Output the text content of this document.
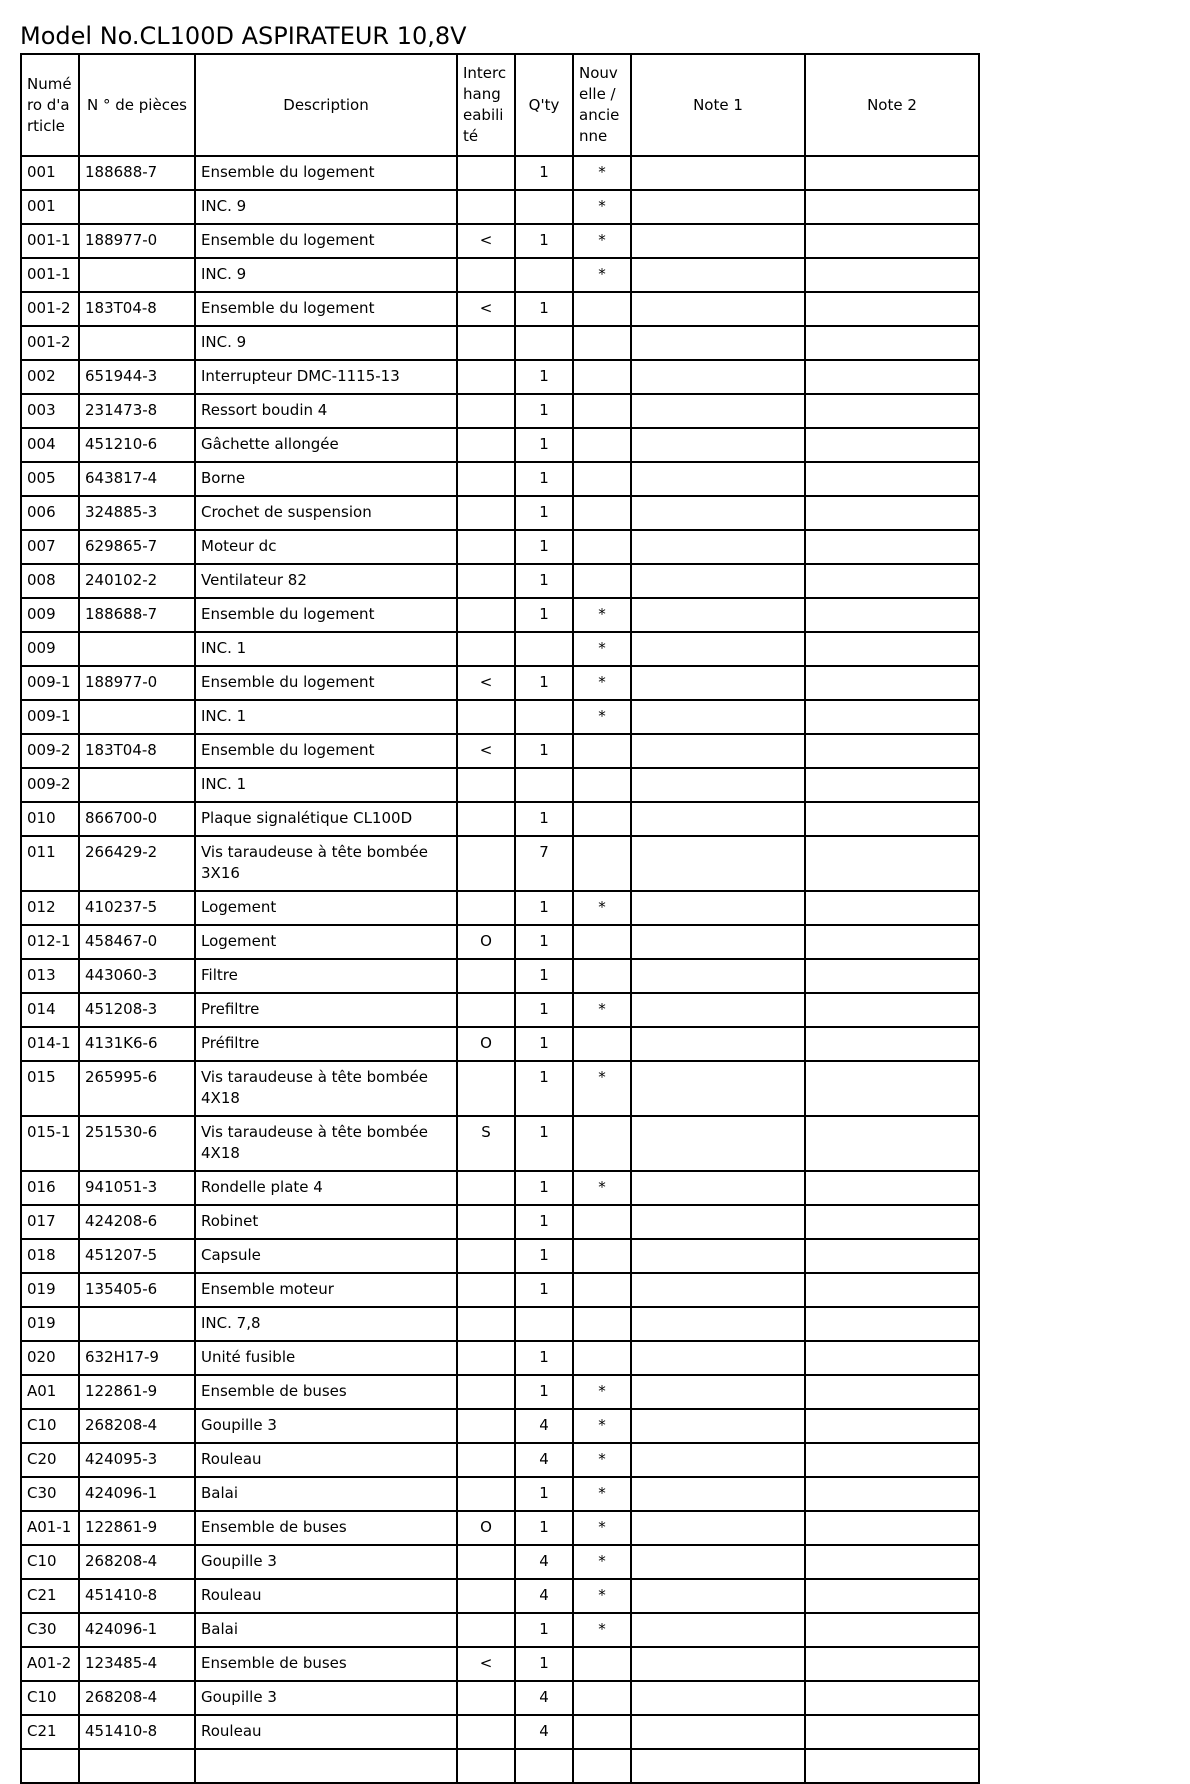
Model No.CL100D ASPIRATEUR 10,8V
Numéro d'article	N ° de pièces	Description	Interchangeabilité	Q'ty	Nouvelle / ancienne	Note 1	Note 2
001	188688-7	Ensemble du logement		1	*		
001		INC. 9			*		
001-1	188977-0	Ensemble du logement	<	1	*		
001-1		INC. 9			*		
001-2	183T04-8	Ensemble du logement	<	1			
001-2		INC. 9					
002	651944-3	Interrupteur DMC-1115-13		1			
003	231473-8	Ressort boudin 4		1			
004	451210-6	Gâchette allongée		1			
005	643817-4	Borne		1			
006	324885-3	Crochet de suspension		1			
007	629865-7	Moteur dc		1			
008	240102-2	Ventilateur 82		1			
009	188688-7	Ensemble du logement		1	*		
009		INC. 1			*		
009-1	188977-0	Ensemble du logement	<	1	*		
009-1		INC. 1			*		
009-2	183T04-8	Ensemble du logement	<	1			
009-2		INC. 1					
010	866700-0	Plaque signalétique CL100D		1			
011	266429-2	Vis taraudeuse à tête bombée 3X16		7			
012	410237-5	Logement		1	*		
012-1	458467-0	Logement	O	1			
013	443060-3	Filtre		1			
014	451208-3	Prefiltre		1	*		
014-1	4131K6-6	Préfiltre	O	1			
015	265995-6	Vis taraudeuse à tête bombée 4X18		1	*		
015-1	251530-6	Vis taraudeuse à tête bombée 4X18	S	1			
016	941051-3	Rondelle plate 4		1	*		
017	424208-6	Robinet		1			
018	451207-5	Capsule		1			
019	135405-6	Ensemble moteur		1			
019		INC. 7,8					
020	632H17-9	Unité fusible		1			
A01	122861-9	Ensemble de buses		1	*		
C10	268208-4	Goupille 3		4	*		
C20	424095-3	Rouleau		4	*		
C30	424096-1	Balai		1	*		
A01-1	122861-9	Ensemble de buses	O	1	*		
C10	268208-4	Goupille 3		4	*		
C21	451410-8	Rouleau		4	*		
C30	424096-1	Balai		1	*		
A01-2	123485-4	Ensemble de buses	<	1			
C10	268208-4	Goupille 3		4			
C21	451410-8	Rouleau		4			
